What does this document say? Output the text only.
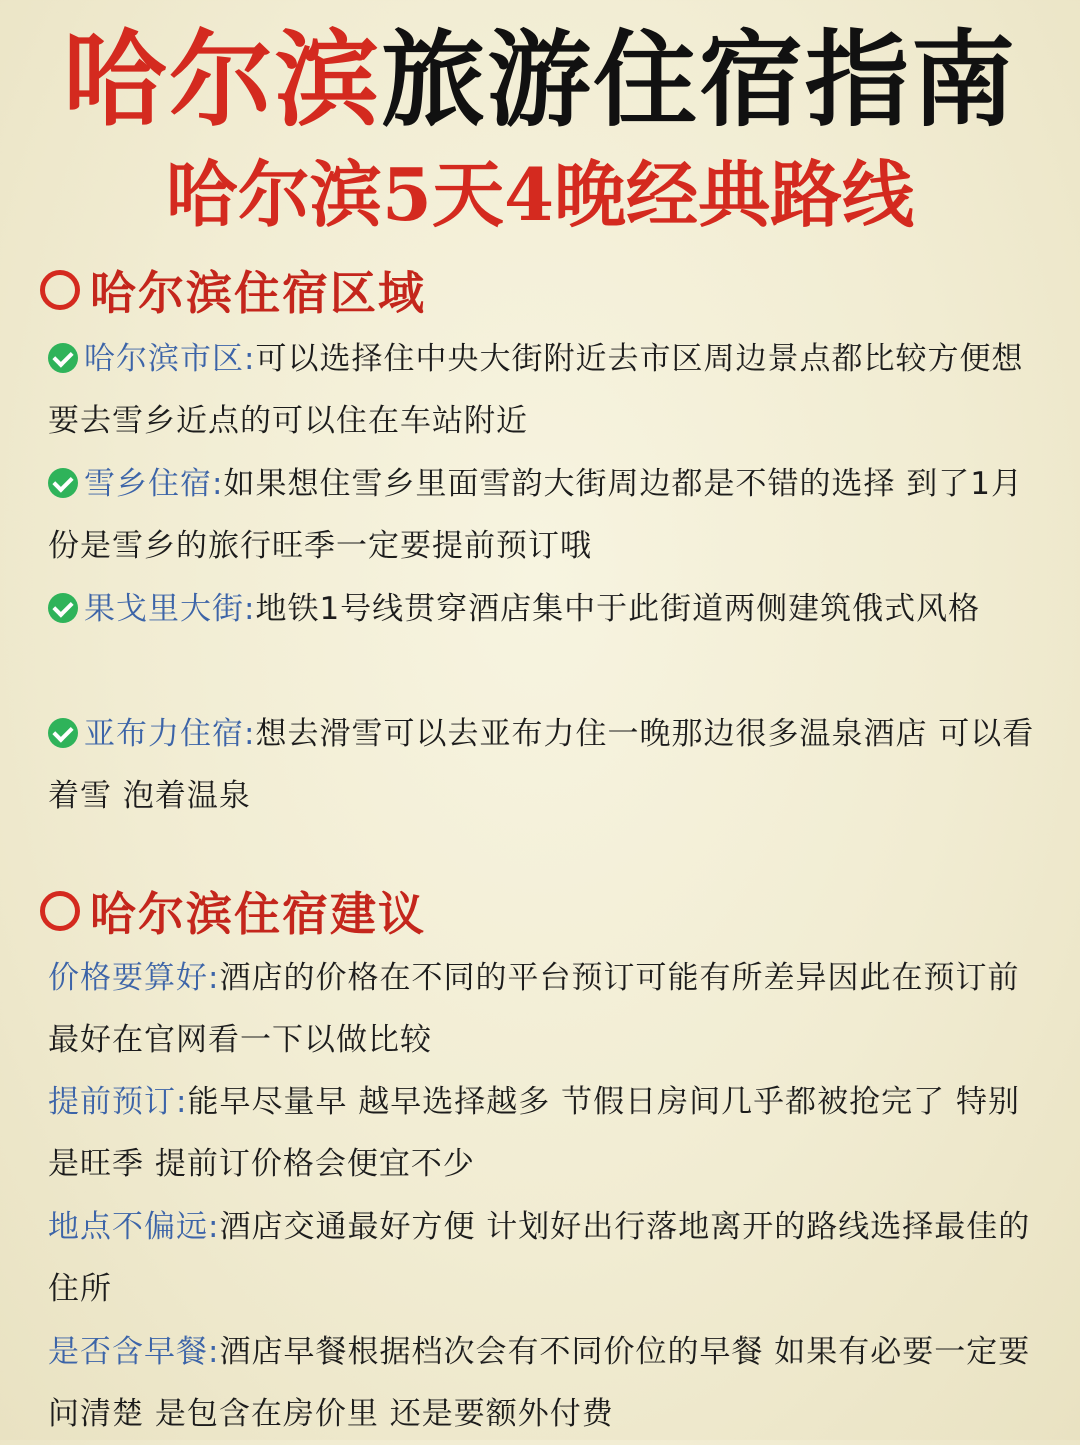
哈尔滨旅游住宿指南
哈尔滨5天4晚经典路线
哈尔滨住宿区域
哈尔滨市区:可以选择住中央大街附近去市区周边景点都比较方便想要去雪乡近点的可以住在车站附近
雪乡住宿:如果想住雪乡里面雪韵大街周边都是不错的选择 到了1月份是雪乡的旅行旺季一定要提前预订哦
果戈里大街:地铁1号线贯穿酒店集中于此街道两侧建筑俄式风格
亚布力住宿:想去滑雪可以去亚布力住一晚那边很多温泉酒店 可以看着雪 泡着温泉
哈尔滨住宿建议
价格要算好:酒店的价格在不同的平台预订可能有所差异因此在预订前最好在官网看一下以做比较
提前预订:能早尽量早 越早选择越多 节假日房间几乎都被抢完了 特别是旺季 提前订价格会便宜不少
地点不偏远:酒店交通最好方便 计划好出行落地离开的路线选择最佳的住所
是否含早餐:酒店早餐根据档次会有不同价位的早餐 如果有必要一定要问清楚 是包含在房价里 还是要额外付费
